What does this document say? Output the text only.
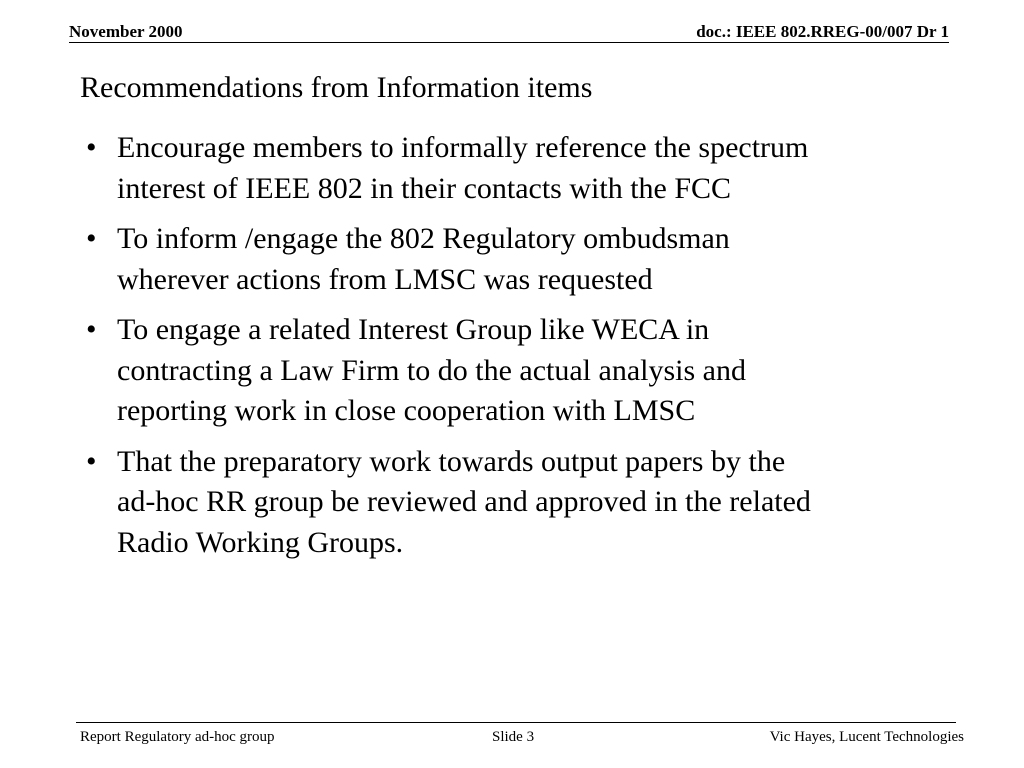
November 2000	doc.: IEEE 802.RREG-00/007 Dr 1
Recommendations from Information items
• Encourage members to informally reference the spectrum
interest of IEEE 802 in their contacts with the FCC
• To inform /engage the 802 Regulatory ombudsman
wherever actions from LMSC was requested
• To engage a related Interest Group like WECA in
contracting a Law Firm to do the actual analysis and
reporting work in close cooperation with LMSC
• That the preparatory work towards output papers by the
ad-hoc RR group be reviewed and approved in the related
Radio Working Groups.
Report Regulatory ad-hoc group	Slide 3	Vic Hayes, Lucent Technologies
